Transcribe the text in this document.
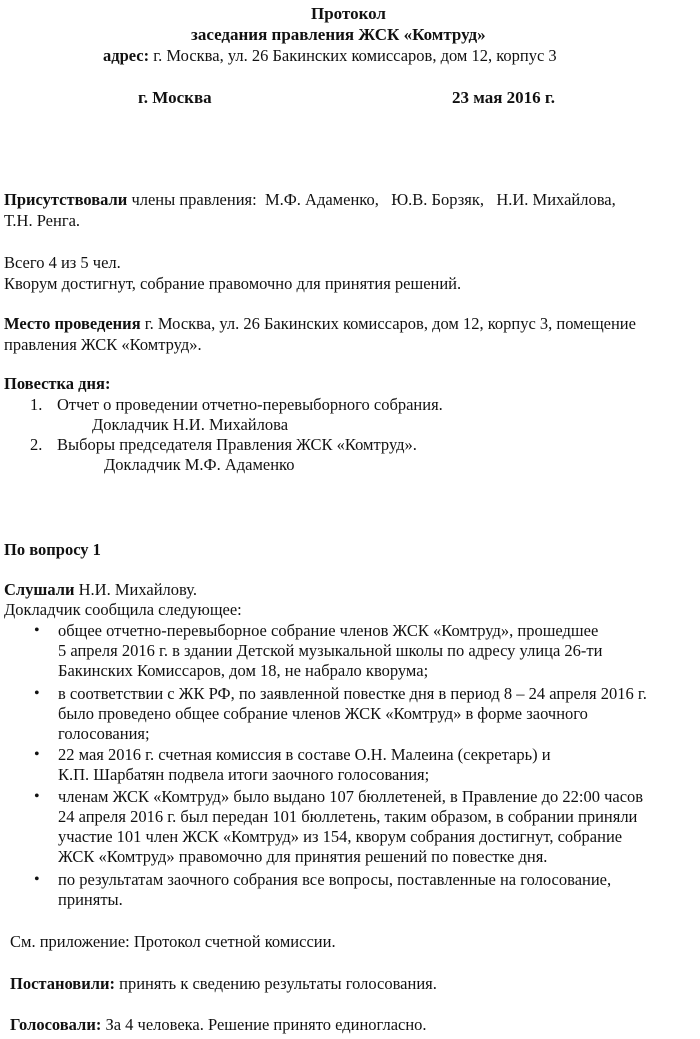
Протокол
заседания правления ЖСК «Комтруд»
адрес: г. Москва, ул. 26 Бакинских комиссаров, дом 12, корпус 3
г. Москва	23 мая 2016 г.
Присутствовали члены правления:  М.Ф. Адаменко,   Ю.В. Борзяк,   Н.И. Михайлова,
Т.Н. Ренга.
Всего 4 из 5 чел.
Кворум достигнут, собрание правомочно для принятия решений.
Место проведения г. Москва, ул. 26 Бакинских комиссаров, дом 12, корпус 3, помещение
правления ЖСК «Комтруд».
Повестка дня:
1. Отчет о проведении отчетно-перевыборного собрания.
Докладчик Н.И. Михайлова
2. Выборы председателя Правления ЖСК «Комтруд».
Докладчик М.Ф. Адаменко
По вопросу 1
Слушали Н.И. Михайлову.
Докладчик сообщила следующее:
• общее отчетно-перевыборное собрание членов ЖСК «Комтруд», прошедшее
5 апреля 2016 г. в здании Детской музыкальной школы по адресу улица 26-ти
Бакинских Комиссаров, дом 18, не набрало кворума;
• в соответствии с ЖК РФ, по заявленной повестке дня в период 8 – 24 апреля 2016 г.
было проведено общее собрание членов ЖСК «Комтруд» в форме заочного
голосования;
• 22 мая 2016 г. счетная комиссия в составе О.Н. Малеина (секретарь) и
К.П. Шарбатян подвела итоги заочного голосования;
• членам ЖСК «Комтруд» было выдано 107 бюллетеней, в Правление до 22:00 часов
24 апреля 2016 г. был передан 101 бюллетень, таким образом, в собрании приняли
участие 101 член ЖСК «Комтруд» из 154, кворум собрания достигнут, собрание
ЖСК «Комтруд» правомочно для принятия решений по повестке дня.
• по результатам заочного собрания все вопросы, поставленные на голосование,
приняты.
См. приложение: Протокол счетной комиссии.
Постановили: принять к сведению результаты голосования.
Голосовали: За 4 человека. Решение принято единогласно.
